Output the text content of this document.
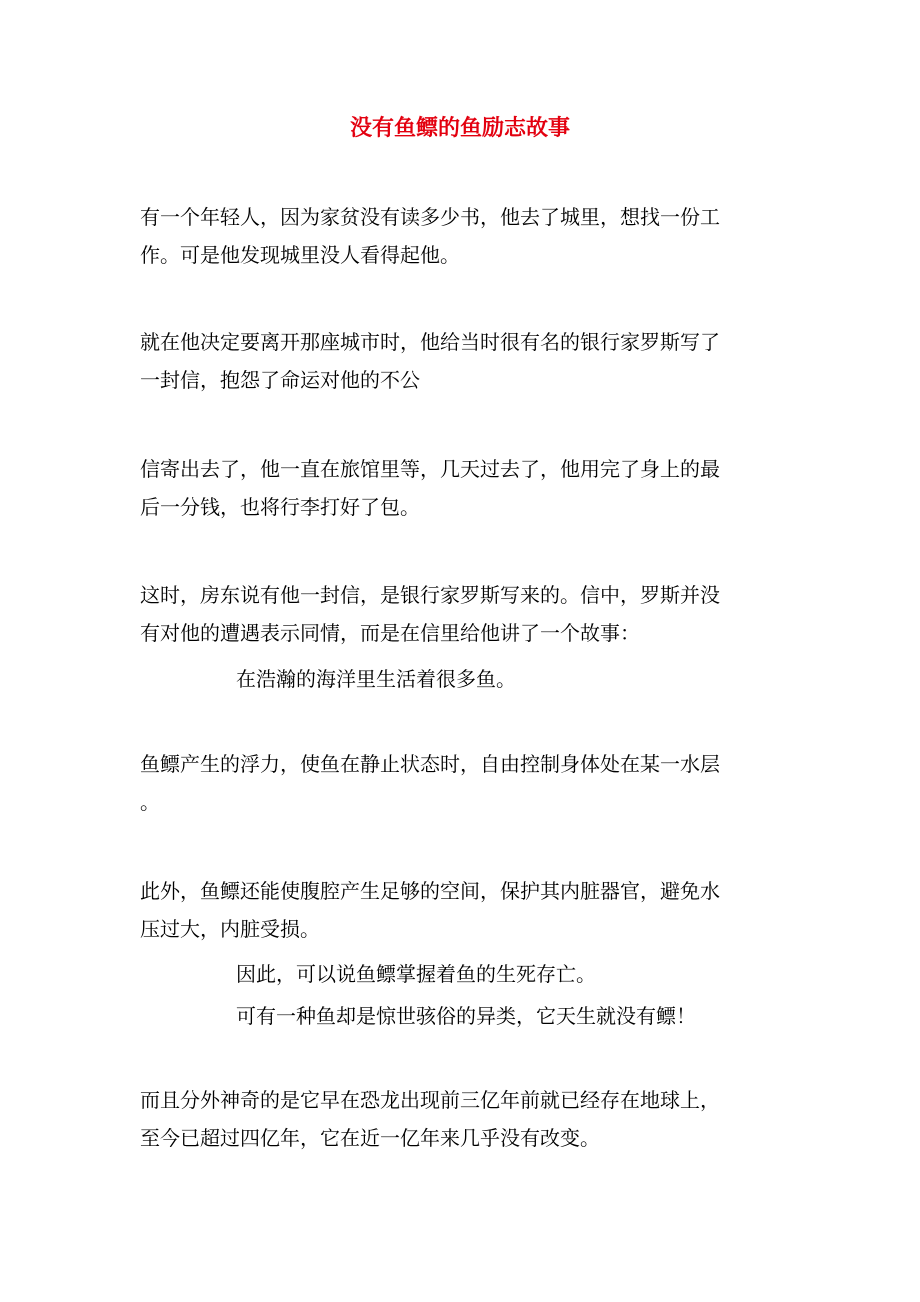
没有鱼鳔的鱼励志故事

有一个年轻人，因为家贫没有读多少书，他去了城里，想找一份工
作。可是他发现城里没人看得起他。

就在他决定要离开那座城市时，他给当时很有名的银行家罗斯写了
一封信，抱怨了命运对他的不公

信寄出去了，他一直在旅馆里等，几天过去了，他用完了身上的最
后一分钱，也将行李打好了包。

这时，房东说有他一封信，是银行家罗斯写来的。信中，罗斯并没
有对他的遭遇表示同情，而是在信里给他讲了一个故事：

在浩瀚的海洋里生活着很多鱼。

鱼鳔产生的浮力，使鱼在静止状态时，自由控制身体处在某一水层
。

此外，鱼鳔还能使腹腔产生足够的空间，保护其内脏器官，避免水
压过大，内脏受损。

因此，可以说鱼鳔掌握着鱼的生死存亡。

可有一种鱼却是惊世骇俗的异类，它天生就没有鳔！

而且分外神奇的是它早在恐龙出现前三亿年前就已经存在地球上，
至今已超过四亿年，它在近一亿年来几乎没有改变。
